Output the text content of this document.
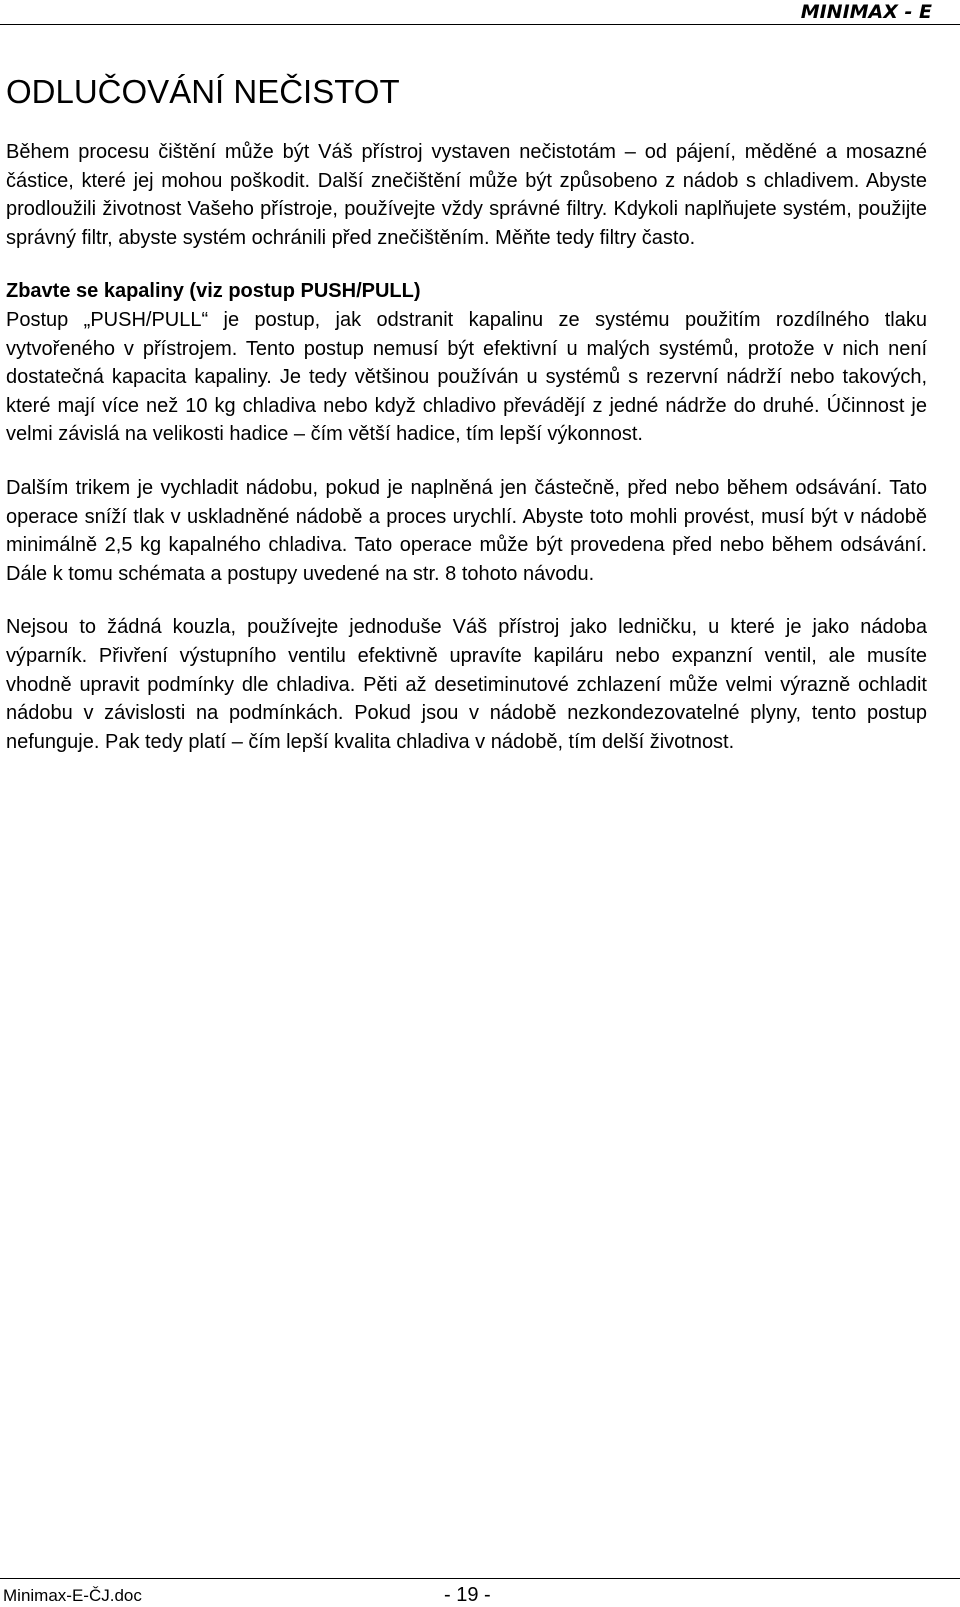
MINIMAX - E
ODLUČOVÁNÍ NEČISTOT

Během procesu čištění může být Váš přístroj vystaven nečistotám – od pájení, měděné a mosazné částice, které jej mohou poškodit. Další znečištění může být způsobeno z nádob s chladivem. Abyste prodloužili životnost Vašeho přístroje, používejte vždy správné filtry. Kdykoli naplňujete systém, použijte správný filtr, abyste systém ochránili před znečištěním. Měňte tedy filtry často.

Zbavte se kapaliny (viz postup PUSH/PULL)

Postup „PUSH/PULL“ je postup, jak odstranit kapalinu ze systému použitím rozdílného tlaku vytvořeného v přístrojem. Tento postup nemusí být efektivní u malých systémů, protože v nich není dostatečná kapacita kapaliny. Je tedy většinou používán u systémů s rezervní nádrží nebo takových, které mají více než 10 kg chladiva nebo když chladivo převádějí z jedné nádrže do druhé. Účinnost je velmi závislá na velikosti hadice – čím větší hadice, tím lepší výkonnost.

Dalším trikem je vychladit nádobu, pokud je naplněná jen částečně, před nebo během odsávání. Tato operace sníží tlak v uskladněné nádobě a proces urychlí. Abyste toto mohli provést, musí být v nádobě minimálně 2,5 kg kapalného chladiva. Tato operace může být provedena před nebo během odsávání. Dále k tomu schémata a postupy uvedené na str. 8 tohoto návodu.

Nejsou to žádná kouzla, používejte jednoduše Váš přístroj jako ledničku, u které je jako nádoba výparník. Přivření výstupního ventilu efektivně upravíte kapiláru nebo expanzní ventil, ale musíte vhodně upravit podmínky dle chladiva. Pěti až desetiminutové zchlazení může velmi výrazně ochladit nádobu v závislosti na podmínkách. Pokud jsou v nádobě nezkondezovatelné plyny, tento postup nefunguje. Pak tedy platí – čím lepší kvalita chladiva v nádobě, tím delší životnost.

Minimax-E-ČJ.doc	- 19 -
